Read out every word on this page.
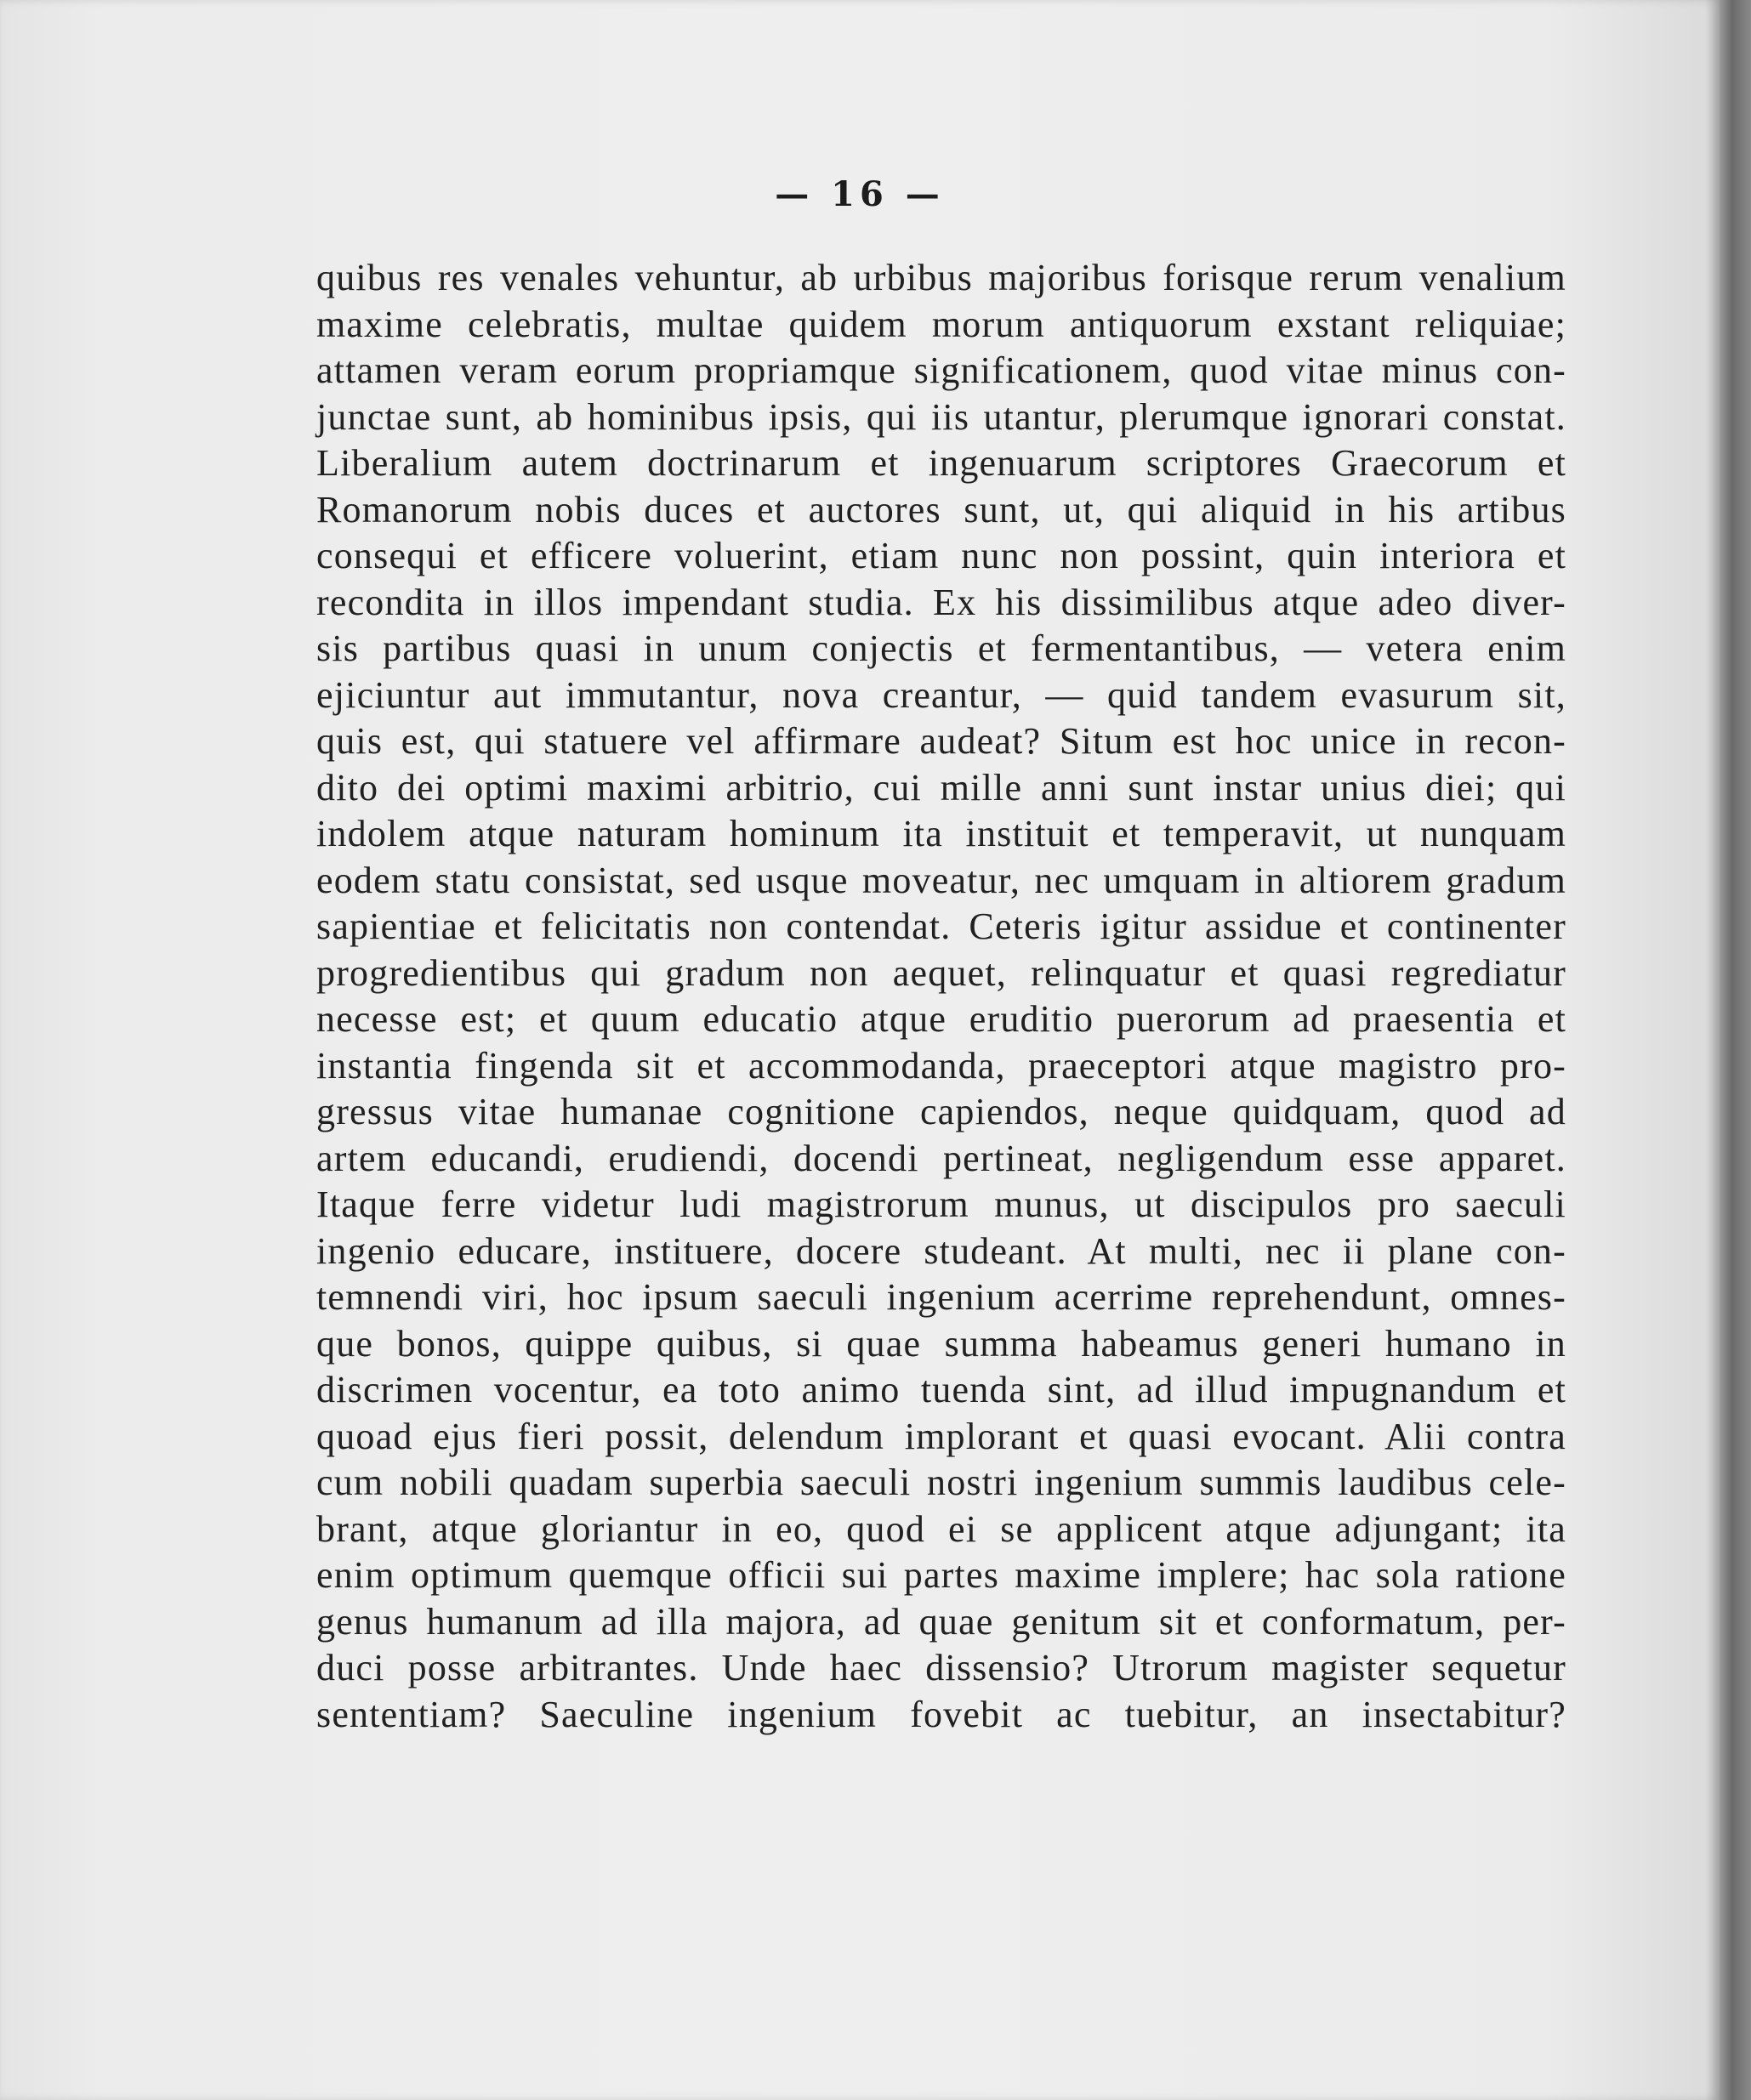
— 16 —
quibus res venales vehuntur, ab urbibus majoribus forisque rerum venalium
maxime celebratis, multae quidem morum antiquorum exstant reliquiae;
attamen veram eorum propriamque significationem, quod vitae minus con-
junctae sunt, ab hominibus ipsis, qui iis utantur, plerumque ignorari constat.
Liberalium autem doctrinarum et ingenuarum scriptores Graecorum et
Romanorum nobis duces et auctores sunt, ut, qui aliquid in his artibus
consequi et efficere voluerint, etiam nunc non possint, quin interiora et
recondita in illos impendant studia. Ex his dissimilibus atque adeo diver-
sis partibus quasi in unum conjectis et fermentantibus, — vetera enim
ejiciuntur aut immutantur, nova creantur, — quid tandem evasurum sit,
quis est, qui statuere vel affirmare audeat? Situm est hoc unice in recon-
dito dei optimi maximi arbitrio, cui mille anni sunt instar unius diei; qui
indolem atque naturam hominum ita instituit et temperavit, ut nunquam
eodem statu consistat, sed usque moveatur, nec umquam in altiorem gradum
sapientiae et felicitatis non contendat. Ceteris igitur assidue et continenter
progredientibus qui gradum non aequet, relinquatur et quasi regrediatur
necesse est; et quum educatio atque eruditio puerorum ad praesentia et
instantia fingenda sit et accommodanda, praeceptori atque magistro pro-
gressus vitae humanae cognitione capiendos, neque quidquam, quod ad
artem educandi, erudiendi, docendi pertineat, negligendum esse apparet.
Itaque ferre videtur ludi magistrorum munus, ut discipulos pro saeculi
ingenio educare, instituere, docere studeant. At multi, nec ii plane con-
temnendi viri, hoc ipsum saeculi ingenium acerrime reprehendunt, omnes-
que bonos, quippe quibus, si quae summa habeamus generi humano in
discrimen vocentur, ea toto animo tuenda sint, ad illud impugnandum et
quoad ejus fieri possit, delendum implorant et quasi evocant. Alii contra
cum nobili quadam superbia saeculi nostri ingenium summis laudibus cele-
brant, atque gloriantur in eo, quod ei se applicent atque adjungant; ita
enim optimum quemque officii sui partes maxime implere; hac sola ratione
genus humanum ad illa majora, ad quae genitum sit et conformatum, per-
duci posse arbitrantes. Unde haec dissensio? Utrorum magister sequetur
sententiam? Saeculine ingenium fovebit ac tuebitur, an insectabitur?
